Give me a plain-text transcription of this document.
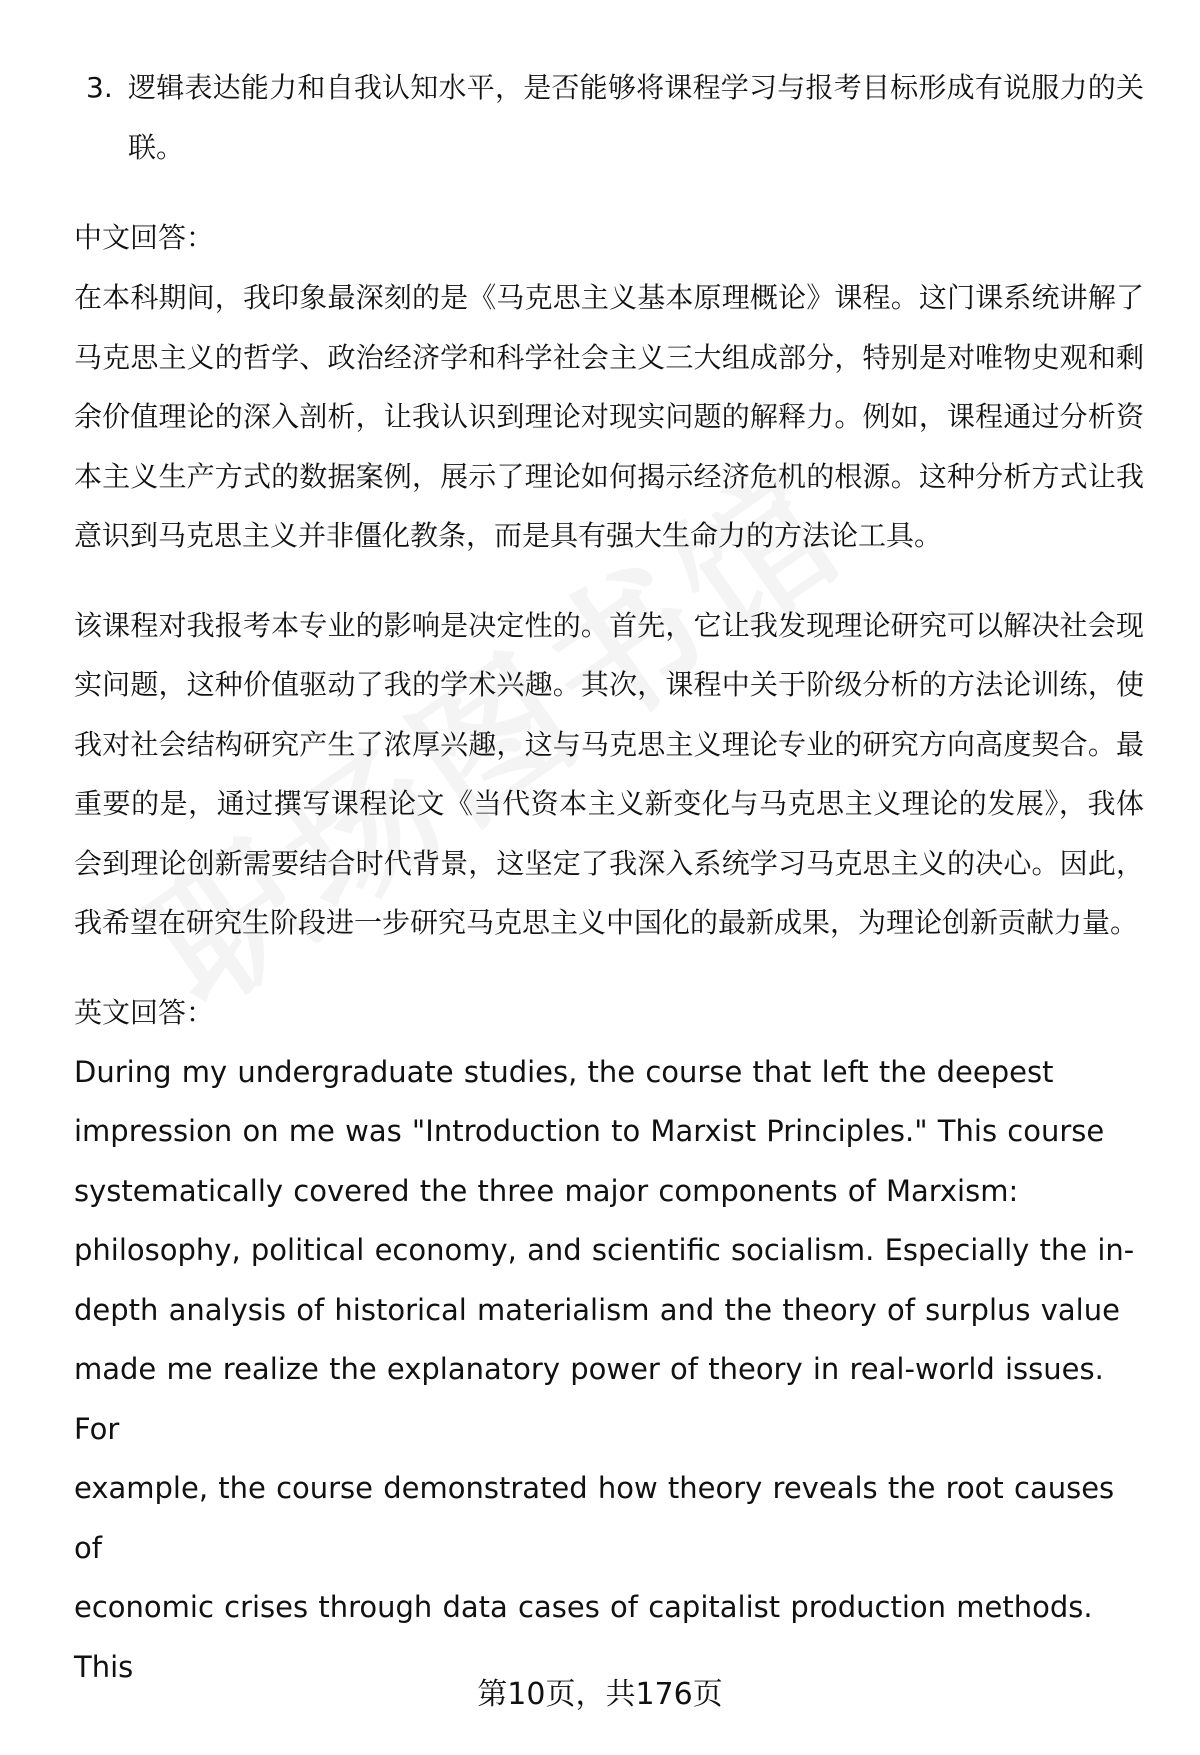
3. 逻辑表达能力和自我认知水平，是否能够将课程学习与报考目标形成有说服力的关联。
中文回答：

在本科期间，我印象最深刻的是《马克思主义基本原理概论》课程。这门课系统讲解了马克思主义的哲学、政治经济学和科学社会主义三大组成部分，特别是对唯物史观和剩余价值理论的深入剖析，让我认识到理论对现实问题的解释力。例如，课程通过分析资本主义生产方式的数据案例，展示了理论如何揭示经济危机的根源。这种分析方式让我意识到马克思主义并非僵化教条，而是具有强大生命力的方法论工具。

该课程对我报考本专业的影响是决定性的。首先，它让我发现理论研究可以解决社会现实问题，这种价值驱动了我的学术兴趣。其次，课程中关于阶级分析的方法论训练，使我对社会结构研究产生了浓厚兴趣，这与马克思主义理论专业的研究方向高度契合。最重要的是，通过撰写课程论文《当代资本主义新变化与马克思主义理论的发展》，我体会到理论创新需要结合时代背景，这坚定了我深入系统学习马克思主义的决心。因此，我希望在研究生阶段进一步研究马克思主义中国化的最新成果，为理论创新贡献力量。

英文回答：

During my undergraduate studies, the course that left the deepest

impression on me was "Introduction to Marxist Principles." This course

systematically covered the three major components of Marxism:

philosophy, political economy, and scientific socialism. Especially the in-

depth analysis of historical materialism and the theory of surplus value

made me realize the explanatory power of theory in real-world issues. For

example, the course demonstrated how theory reveals the root causes of

economic crises through data cases of capitalist production methods. This

第10页，共176页
